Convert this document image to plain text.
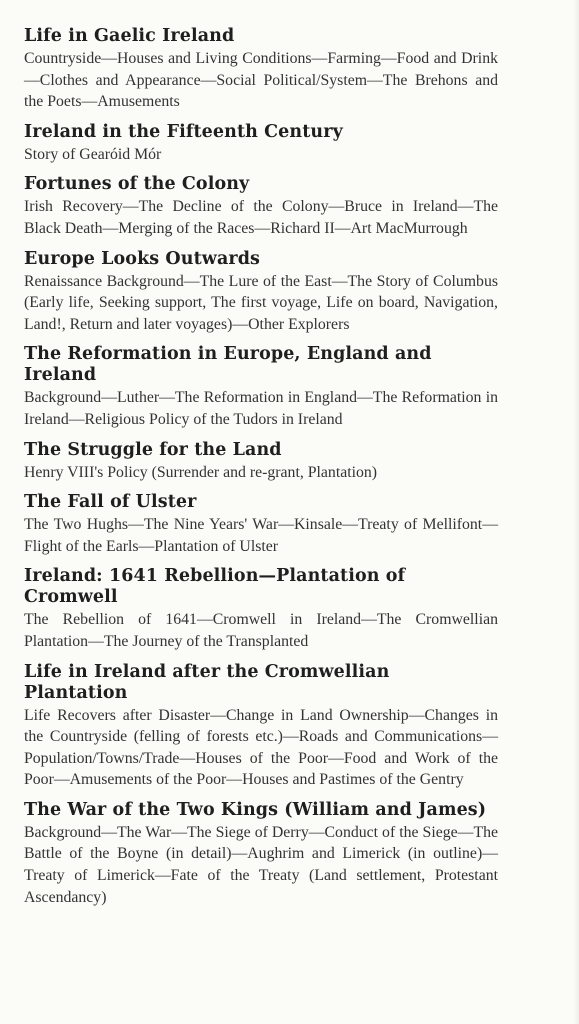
Life in Gaelic Ireland

Countryside—Houses and Living Conditions—Farming—Food and Drink—Clothes and Appearance—Social Political/System—The Brehons and the Poets—Amusements

Ireland in the Fifteenth Century

Story of Gearóid Mór

Fortunes of the Colony

Irish Recovery—The Decline of the Colony—Bruce in Ireland—The Black Death—Merging of the Races—Richard II—Art MacMurrough

Europe Looks Outwards

Renaissance Background—The Lure of the East—The Story of Columbus (Early life, Seeking support, The first voyage, Life on board, Navigation, Land!, Return and later voyages)—Other Explorers

The Reformation in Europe, England and Ireland

Background—Luther—The Reformation in England—The Reformation in Ireland—Religious Policy of the Tudors in Ireland

The Struggle for the Land

Henry VIII's Policy (Surrender and re-grant, Plantation)

The Fall of Ulster

The Two Hughs—The Nine Years' War—Kinsale—Treaty of Mellifont—Flight of the Earls—Plantation of Ulster

Ireland: 1641 Rebellion—Plantation of Cromwell

The Rebellion of 1641—Cromwell in Ireland—The Cromwellian Plantation—The Journey of the Transplanted

Life in Ireland after the Cromwellian Plantation

Life Recovers after Disaster—Change in Land Ownership—Changes in the Countryside (felling of forests etc.)—Roads and Communications—Population/Towns/Trade—Houses of the Poor—Food and Work of the Poor—Amusements of the Poor—Houses and Pastimes of the Gentry

The War of the Two Kings (William and James)

Background—The War—The Siege of Derry—Conduct of the Siege—The Battle of the Boyne (in detail)—Aughrim and Limerick (in outline)—Treaty of Limerick—Fate of the Treaty (Land settlement, Protestant Ascendancy)
